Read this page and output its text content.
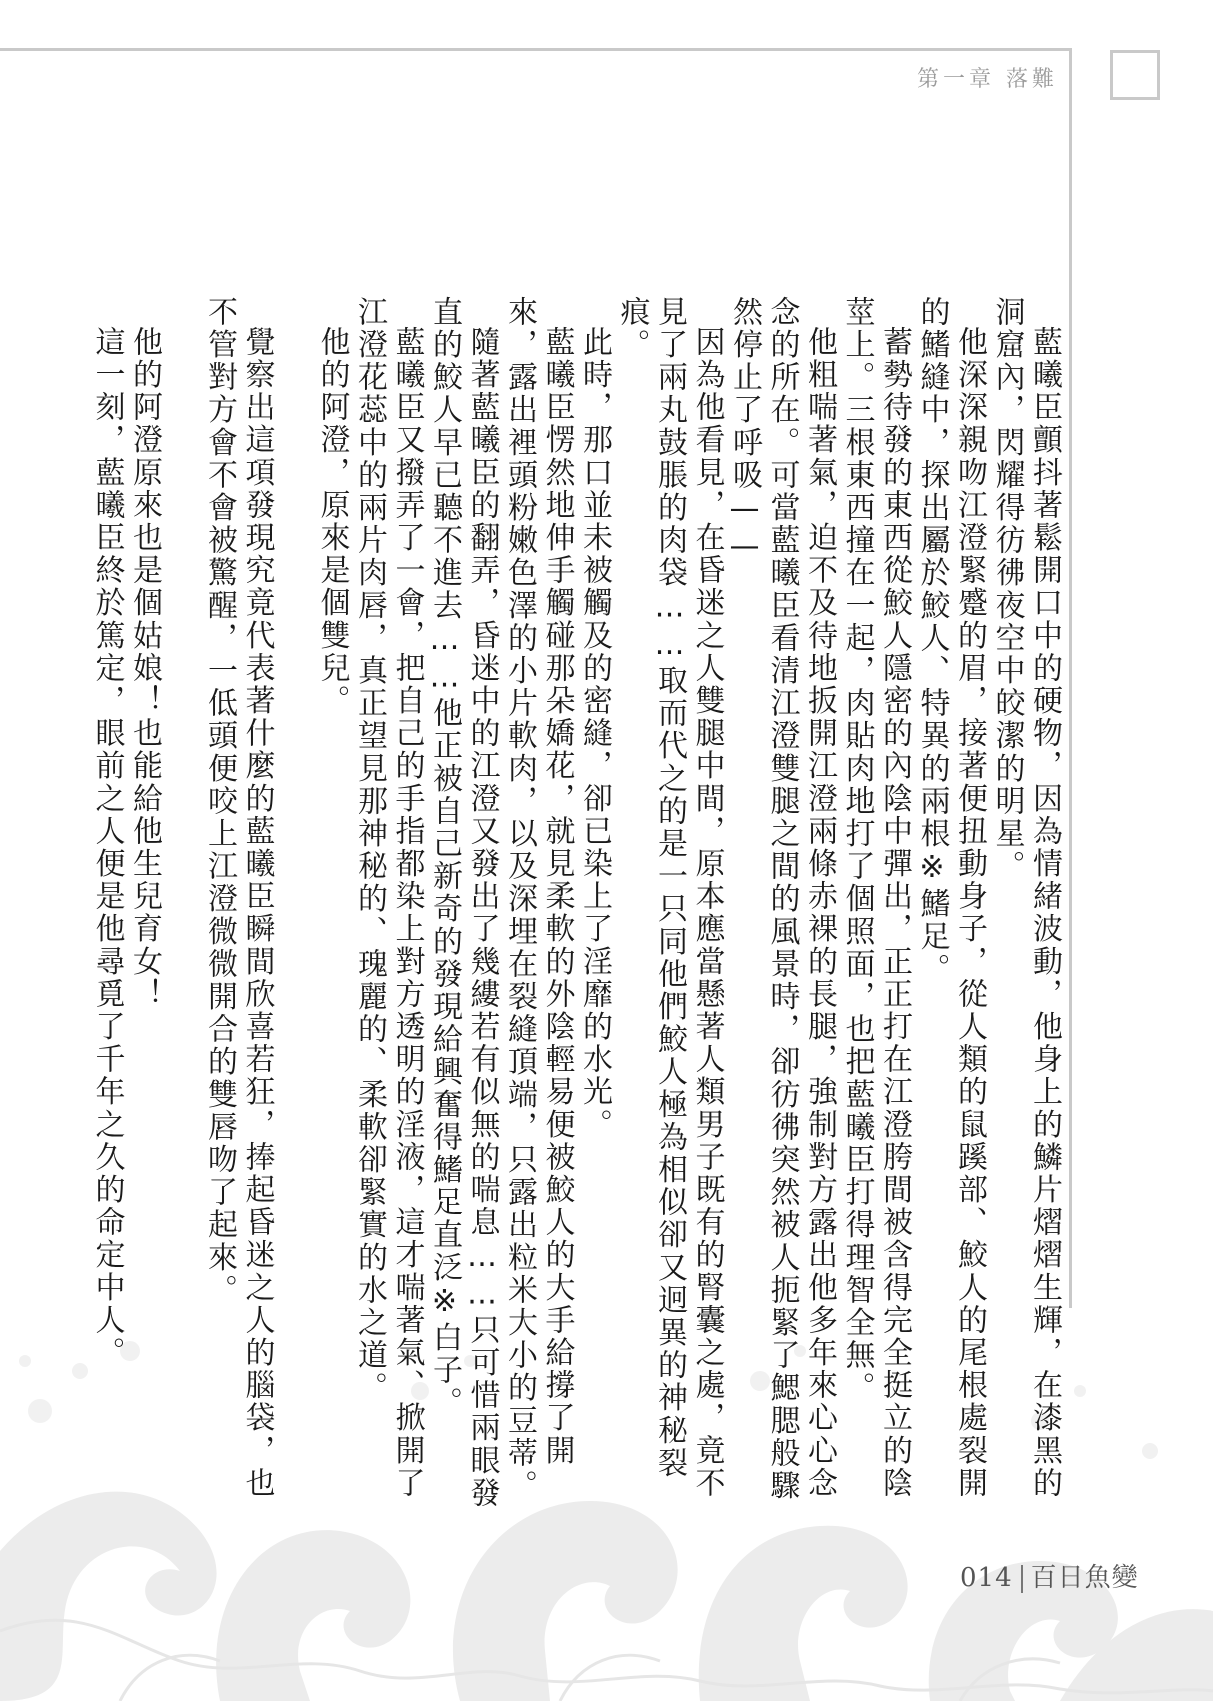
第一章 落難

藍曦臣顫抖著鬆開口中的硬物，因為情緒波動，他身上的鱗片熠熠生輝，在漆黑的洞窟內，閃耀得彷彿夜空中皎潔的明星。

他深深親吻江澄緊蹙的眉，接著便扭動身子，從人類的鼠蹊部、鮫人的尾根處裂開的鰭縫中，探出屬於鮫人、特異的兩根※鰭足。

蓄勢待發的東西從鮫人隱密的內陰中彈出，正正打在江澄胯間被含得完全挺立的陰莖上。三根東西撞在一起，肉貼肉地打了個照面，也把藍曦臣打得理智全無。

他粗喘著氣，迫不及待地扳開江澄兩條赤裸的長腿，強制對方露出他多年來心心念念的所在。可當藍曦臣看清江澄雙腿之間的風景時，卻彷彿突然被人扼緊了鰓腮般驟然停止了呼吸——

因為他看見，在昏迷之人雙腿中間，原本應當懸著人類男子既有的腎囊之處，竟不見了兩丸鼓脹的肉袋……取而代之的是一只同他們鮫人極為相似卻又迥異的神秘裂痕。

此時，那口並未被觸及的密縫，卻已染上了淫靡的水光。

藍曦臣愣然地伸手觸碰那朵嬌花，就見柔軟的外陰輕易便被鮫人的大手給撐了開來，露出裡頭粉嫩色澤的小片軟肉，以及深埋在裂縫頂端，只露出粒米大小的豆蒂。

隨著藍曦臣的翻弄，昏迷中的江澄又發出了幾縷若有似無的喘息……只可惜兩眼發直的鮫人早已聽不進去……他正被自己新奇的發現給興奮得鰭足直泛※白子。

藍曦臣又撥弄了一會，把自己的手指都染上對方透明的淫液，這才喘著氣、掀開了江澄花蕊中的兩片肉唇，真正望見那神秘的、瑰麗的、柔軟卻緊實的水之道。

他的阿澄，原來是個雙兒。

覺察出這項發現究竟代表著什麼的藍曦臣瞬間欣喜若狂，捧起昏迷之人的腦袋，也不管對方會不會被驚醒，一低頭便咬上江澄微微開合的雙唇吻了起來。

他的阿澄原來也是個姑娘！也能給他生兒育女！

這一刻，藍曦臣終於篤定，眼前之人便是他尋覓了千年之久的命定中人。

014 百日魚變
